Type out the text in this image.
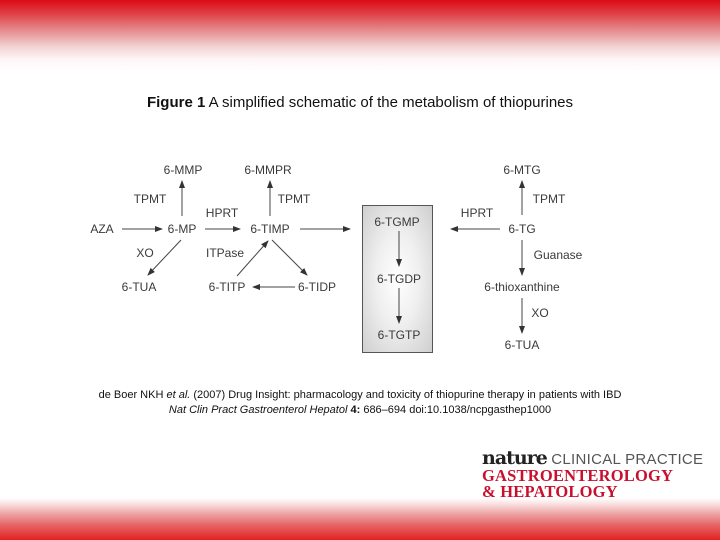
Figure 1 A simplified schematic of the metabolism of thiopurines
6-MMP	6-MMPR
AZA	6-MP	6-TIMP
6-TUA	6-TITP	6-TIDP
TPMT	TPMT
HPRT
XO	ITPase
6-TGMP
6-TGDP
6-TGTP
6-MTG
6-TG
6-thioxanthine
6-TUA
TPMT
HPRT
Guanase
XO
de Boer NKH et al. (2007) Drug Insight: pharmacology and toxicity of thiopurine therapy in patients with IBD
Nat Clin Pract Gastroenterol Hepatol 4: 686–694 doi:10.1038/ncpgasthep1000
nature CLINICAL PRACTICE
GASTROENTEROLOGY
& HEPATOLOGY
